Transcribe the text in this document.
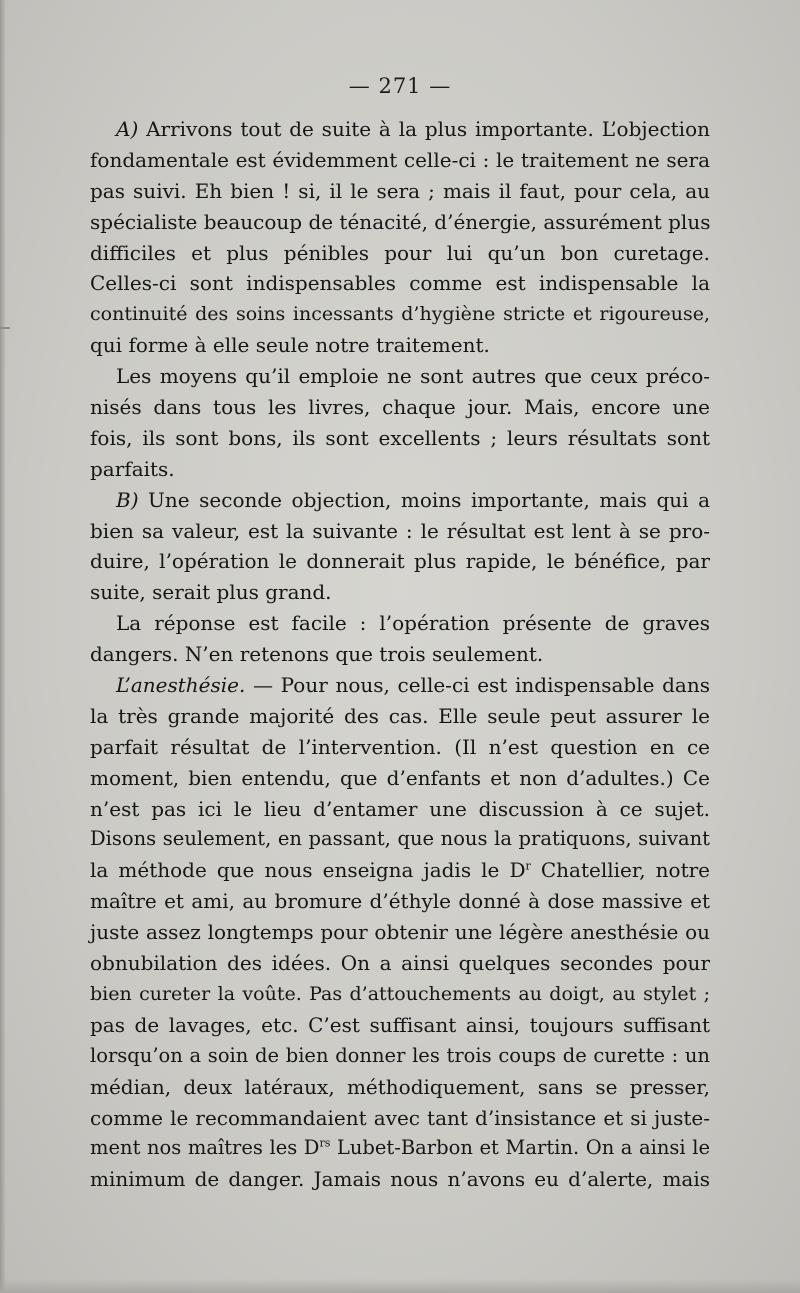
— 271 —
A) Arrivons tout de suite à la plus importante. L’objection
fondamentale est évidemment celle-ci : le traitement ne sera
pas suivi. Eh bien ! si, il le sera ; mais il faut, pour cela, au
spécialiste beaucoup de ténacité, d’énergie, assurément plus
difficiles et plus pénibles pour lui qu’un bon curetage.
Celles-ci sont indispensables comme est indispensable la
continuité des soins incessants d’hygiène stricte et rigoureuse,
qui forme à elle seule notre traitement.
Les moyens qu’il emploie ne sont autres que ceux préco-
nisés dans tous les livres, chaque jour. Mais, encore une
fois, ils sont bons, ils sont excellents ; leurs résultats sont
parfaits.
B) Une seconde objection, moins importante, mais qui a
bien sa valeur, est la suivante : le résultat est lent à se pro-
duire, l’opération le donnerait plus rapide, le bénéfice, par
suite, serait plus grand.
La réponse est facile : l’opération présente de graves
dangers. N’en retenons que trois seulement.
L’anesthésie. — Pour nous, celle-ci est indispensable dans
la très grande majorité des cas. Elle seule peut assurer le
parfait résultat de l’intervention. (Il n’est question en ce
moment, bien entendu, que d’enfants et non d’adultes.) Ce
n’est pas ici le lieu d’entamer une discussion à ce sujet.
Disons seulement, en passant, que nous la pratiquons, suivant
la méthode que nous enseigna jadis le $D^r$ Chatellier, notre
maître et ami, au bromure d’éthyle donné à dose massive et
juste assez longtemps pour obtenir une légère anesthésie ou
obnubilation des idées. On a ainsi quelques secondes pour
bien cureter la voûte. Pas d’attouchements au doigt, au stylet ;
pas de lavages, etc. C’est suffisant ainsi, toujours suffisant
lorsqu’on a soin de bien donner les trois coups de curette : un
médian, deux latéraux, méthodiquement, sans se presser,
comme le recommandaient avec tant d’insistance et si juste-
ment nos maîtres les $D^{rs}$ Lubet-Barbon et Martin. On a ainsi le
minimum de danger. Jamais nous n’avons eu d’alerte, mais
